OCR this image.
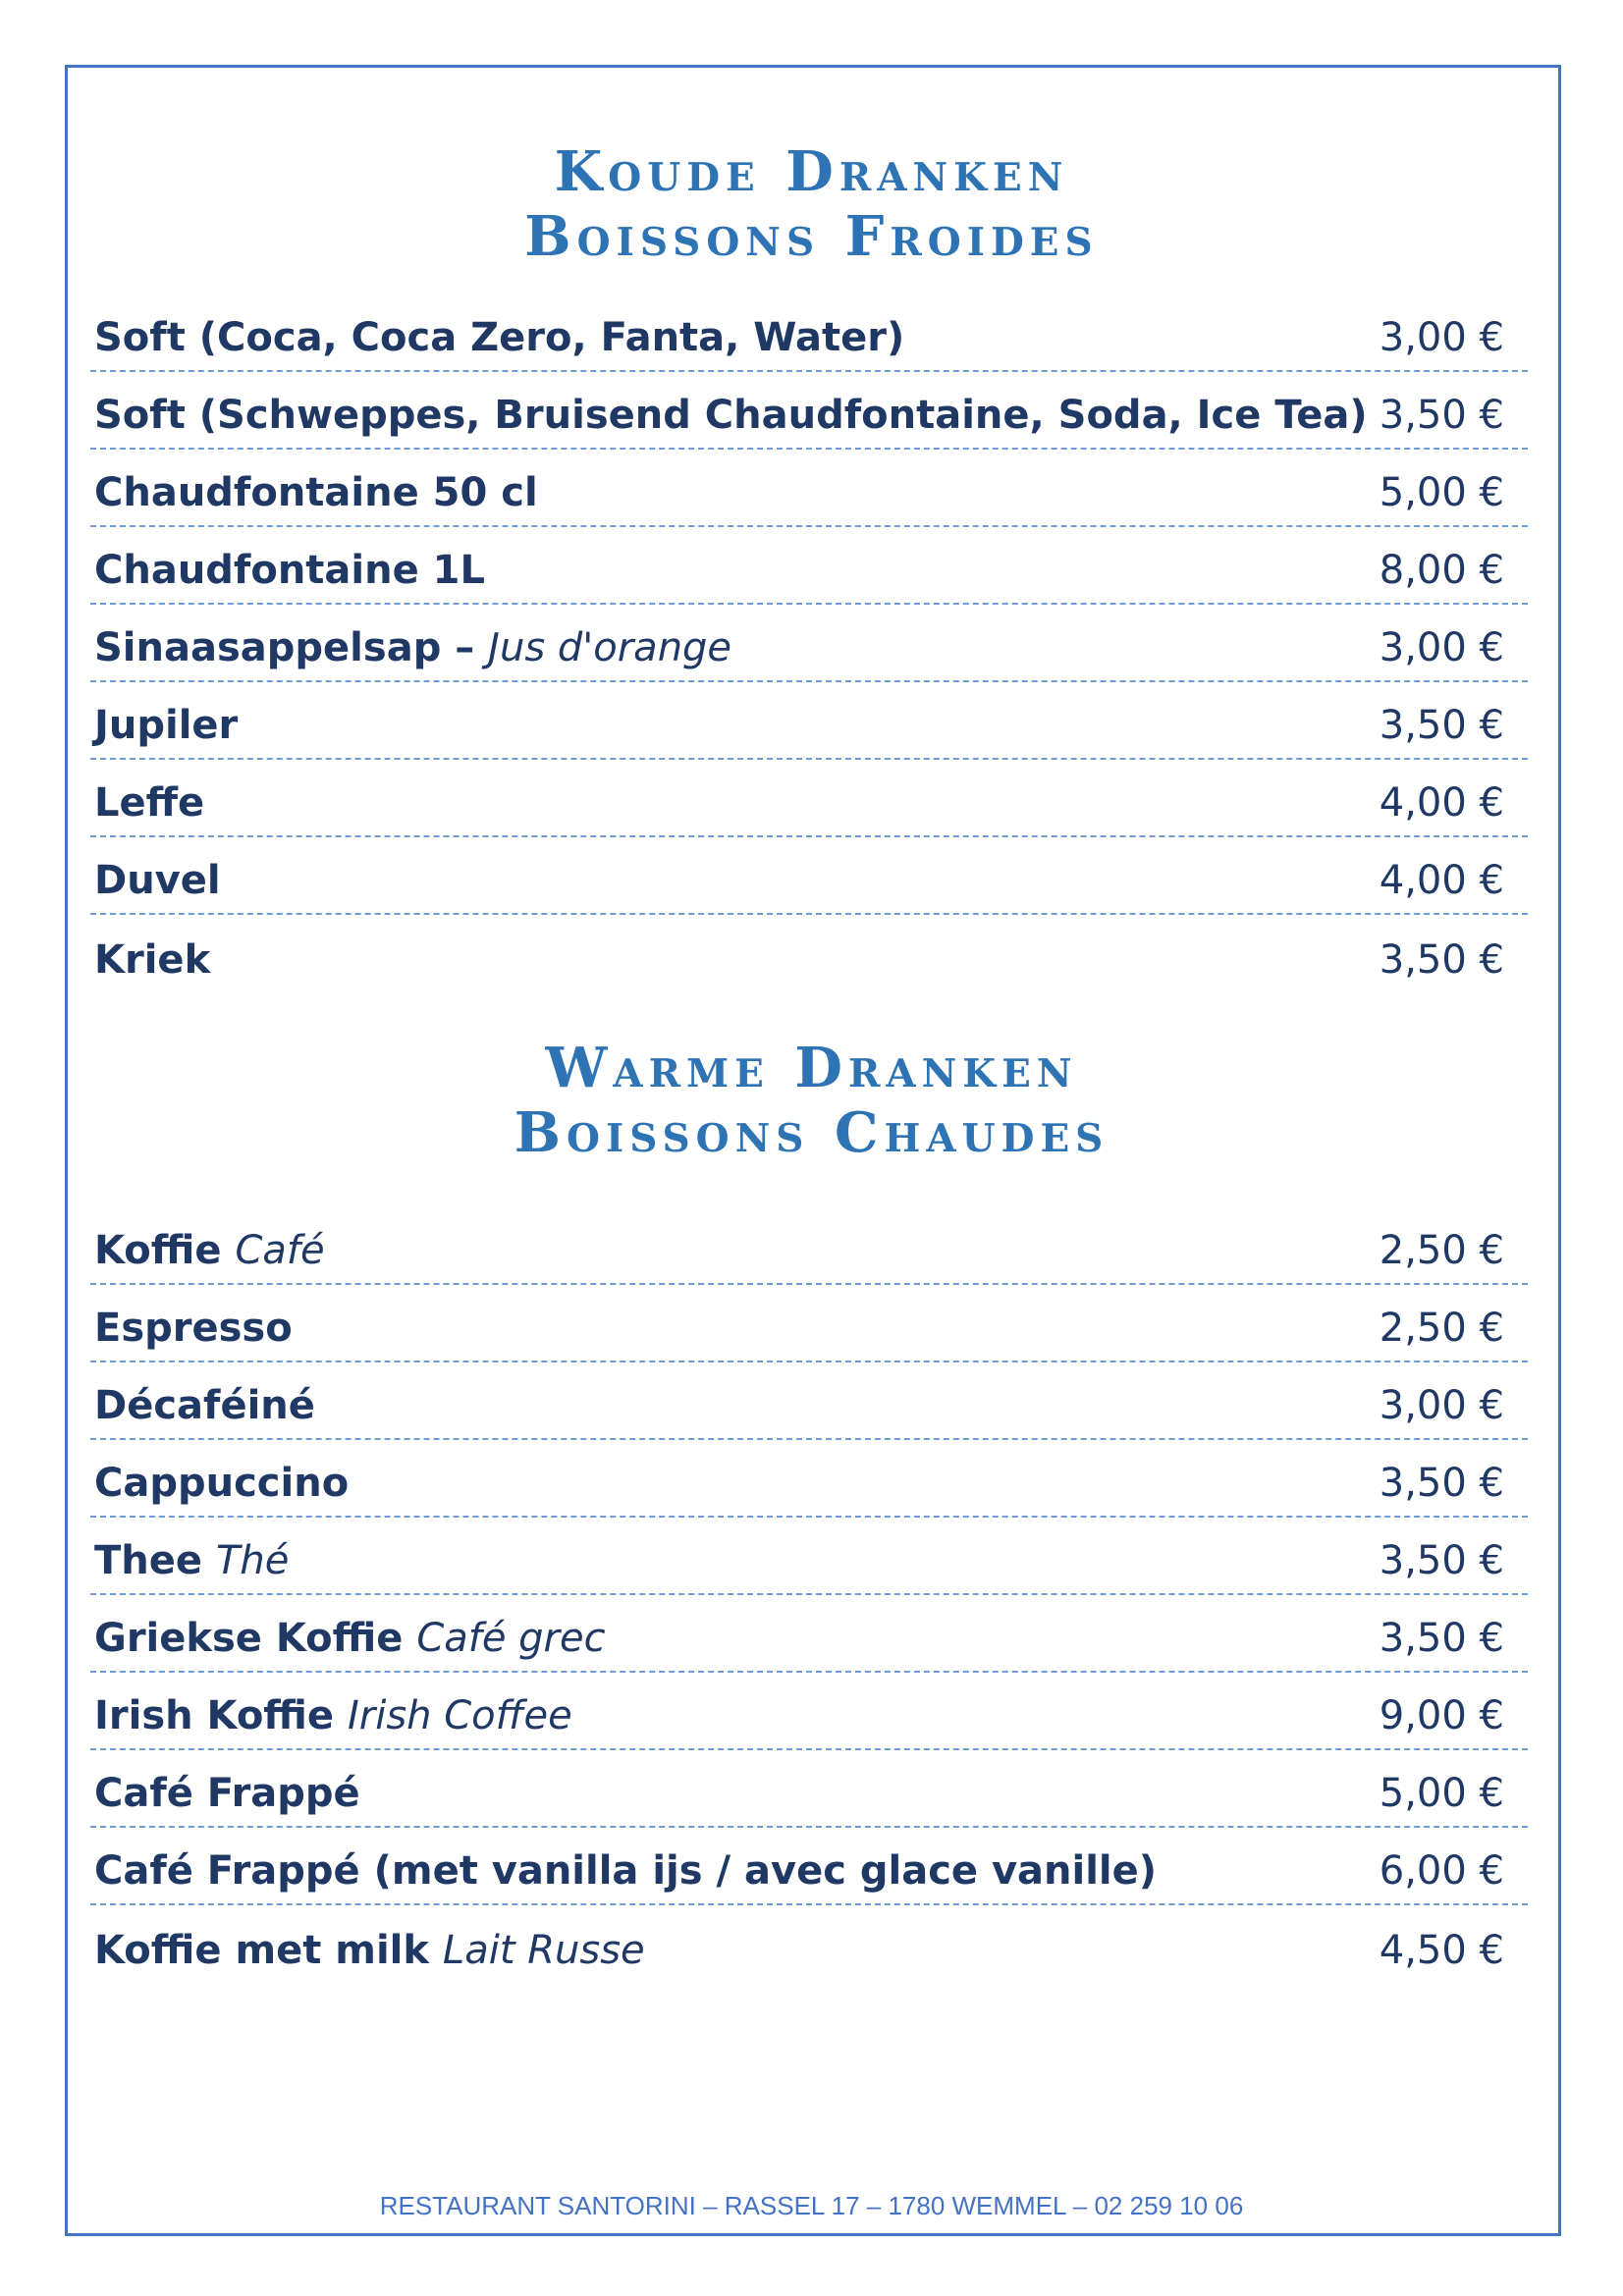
Koude Dranken
Boissons Froides
Soft (Coca, Coca Zero, Fanta, Water)	3,00 €
Soft (Schweppes, Bruisend Chaudfontaine, Soda, Ice Tea) 3,50 €
Chaudfontaine 50 cl	5,00 €
Chaudfontaine 1L	8,00 €
Sinaasappelsap – Jus d'orange	3,00 €
Jupiler	3,50 €
Leffe	4,00 €
Duvel	4,00 €
Kriek	3,50 €
Warme Dranken
Boissons Chaudes
Koffie Café	2,50 €
Espresso	2,50 €
Décaféiné	3,00 €
Cappuccino	3,50 €
Thee Thé	3,50 €
Griekse Koffie Café grec	3,50 €
Irish Koffie Irish Coffee	9,00 €
Café Frappé	5,00 €
Café Frappé (met vanilla ijs / avec glace vanille)	6,00 €
Koffie met milk Lait Russe	4,50 €
RESTAURANT SANTORINI – RASSEL 17 – 1780 WEMMEL – 02 259 10 06
